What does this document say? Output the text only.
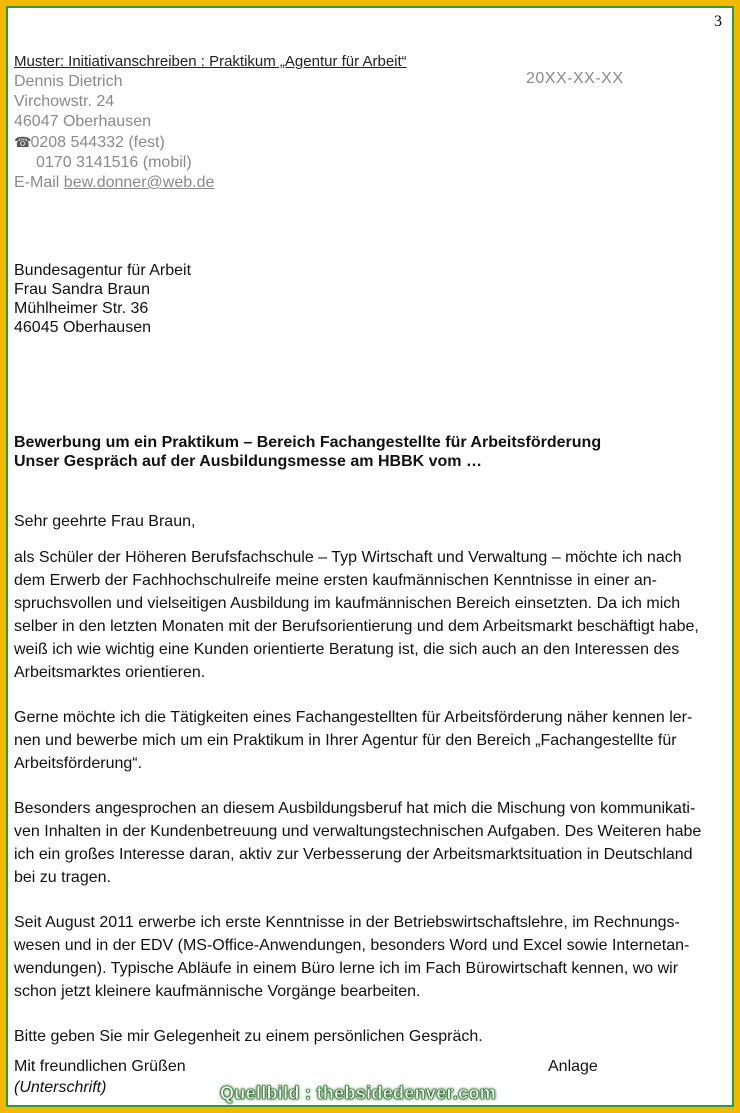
3
Muster: Initiativanschreiben : Praktikum „Agentur für Arbeit“
Dennis Dietrich
Virchowstr. 24
46047 Oberhausen
☎ 0208 544332 (fest)
0170 3141516 (mobil)
E-Mail bew.donner@web.de
20XX-XX-XX
Bundesagentur für Arbeit
Frau Sandra Braun
Mühlheimer Str. 36
46045 Oberhausen
Bewerbung um ein Praktikum – Bereich Fachangestellte für Arbeitsförderung
Unser Gespräch auf der Ausbildungsmesse am HBBK vom …

Sehr geehrte Frau Braun,

als Schüler der Höheren Berufsfachschule – Typ Wirtschaft und Verwaltung – möchte ich nach
dem Erwerb der Fachhochschulreife meine ersten kaufmännischen Kenntnisse in einer an-
spruchsvollen und vielseitigen Ausbildung im kaufmännischen Bereich einsetzten. Da ich mich
selber in den letzten Monaten mit der Berufsorientierung und dem Arbeitsmarkt beschäftigt habe,
weiß ich wie wichtig eine Kunden orientierte Beratung ist, die sich auch an den Interessen des
Arbeitsmarktes orientieren.

Gerne möchte ich die Tätigkeiten eines Fachangestellten für Arbeitsförderung näher kennen ler-
nen und bewerbe mich um ein Praktikum in Ihrer Agentur für den Bereich „Fachangestellte für
Arbeitsförderung“.

Besonders angesprochen an diesem Ausbildungsberuf hat mich die Mischung von kommunikati-
ven Inhalten in der Kundenbetreuung und verwaltungstechnischen Aufgaben. Des Weiteren habe
ich ein großes Interesse daran, aktiv zur Verbesserung der Arbeitsmarktsituation in Deutschland
bei zu tragen.

Seit August 2011 erwerbe ich erste Kenntnisse in der Betriebswirtschaftslehre, im Rechnungs-
wesen und in der EDV (MS-Office-Anwendungen, besonders Word und Excel sowie Internetan-
wendungen). Typische Abläufe in einem Büro lerne ich im Fach Bürowirtschaft kennen, wo wir
schon jetzt kleinere kaufmännische Vorgänge bearbeiten.

Bitte geben Sie mir Gelegenheit zu einem persönlichen Gespräch.

Mit freundlichen Grüßen
(Unterschrift)
Anlage
Quellbild : thebsidedenver.com
